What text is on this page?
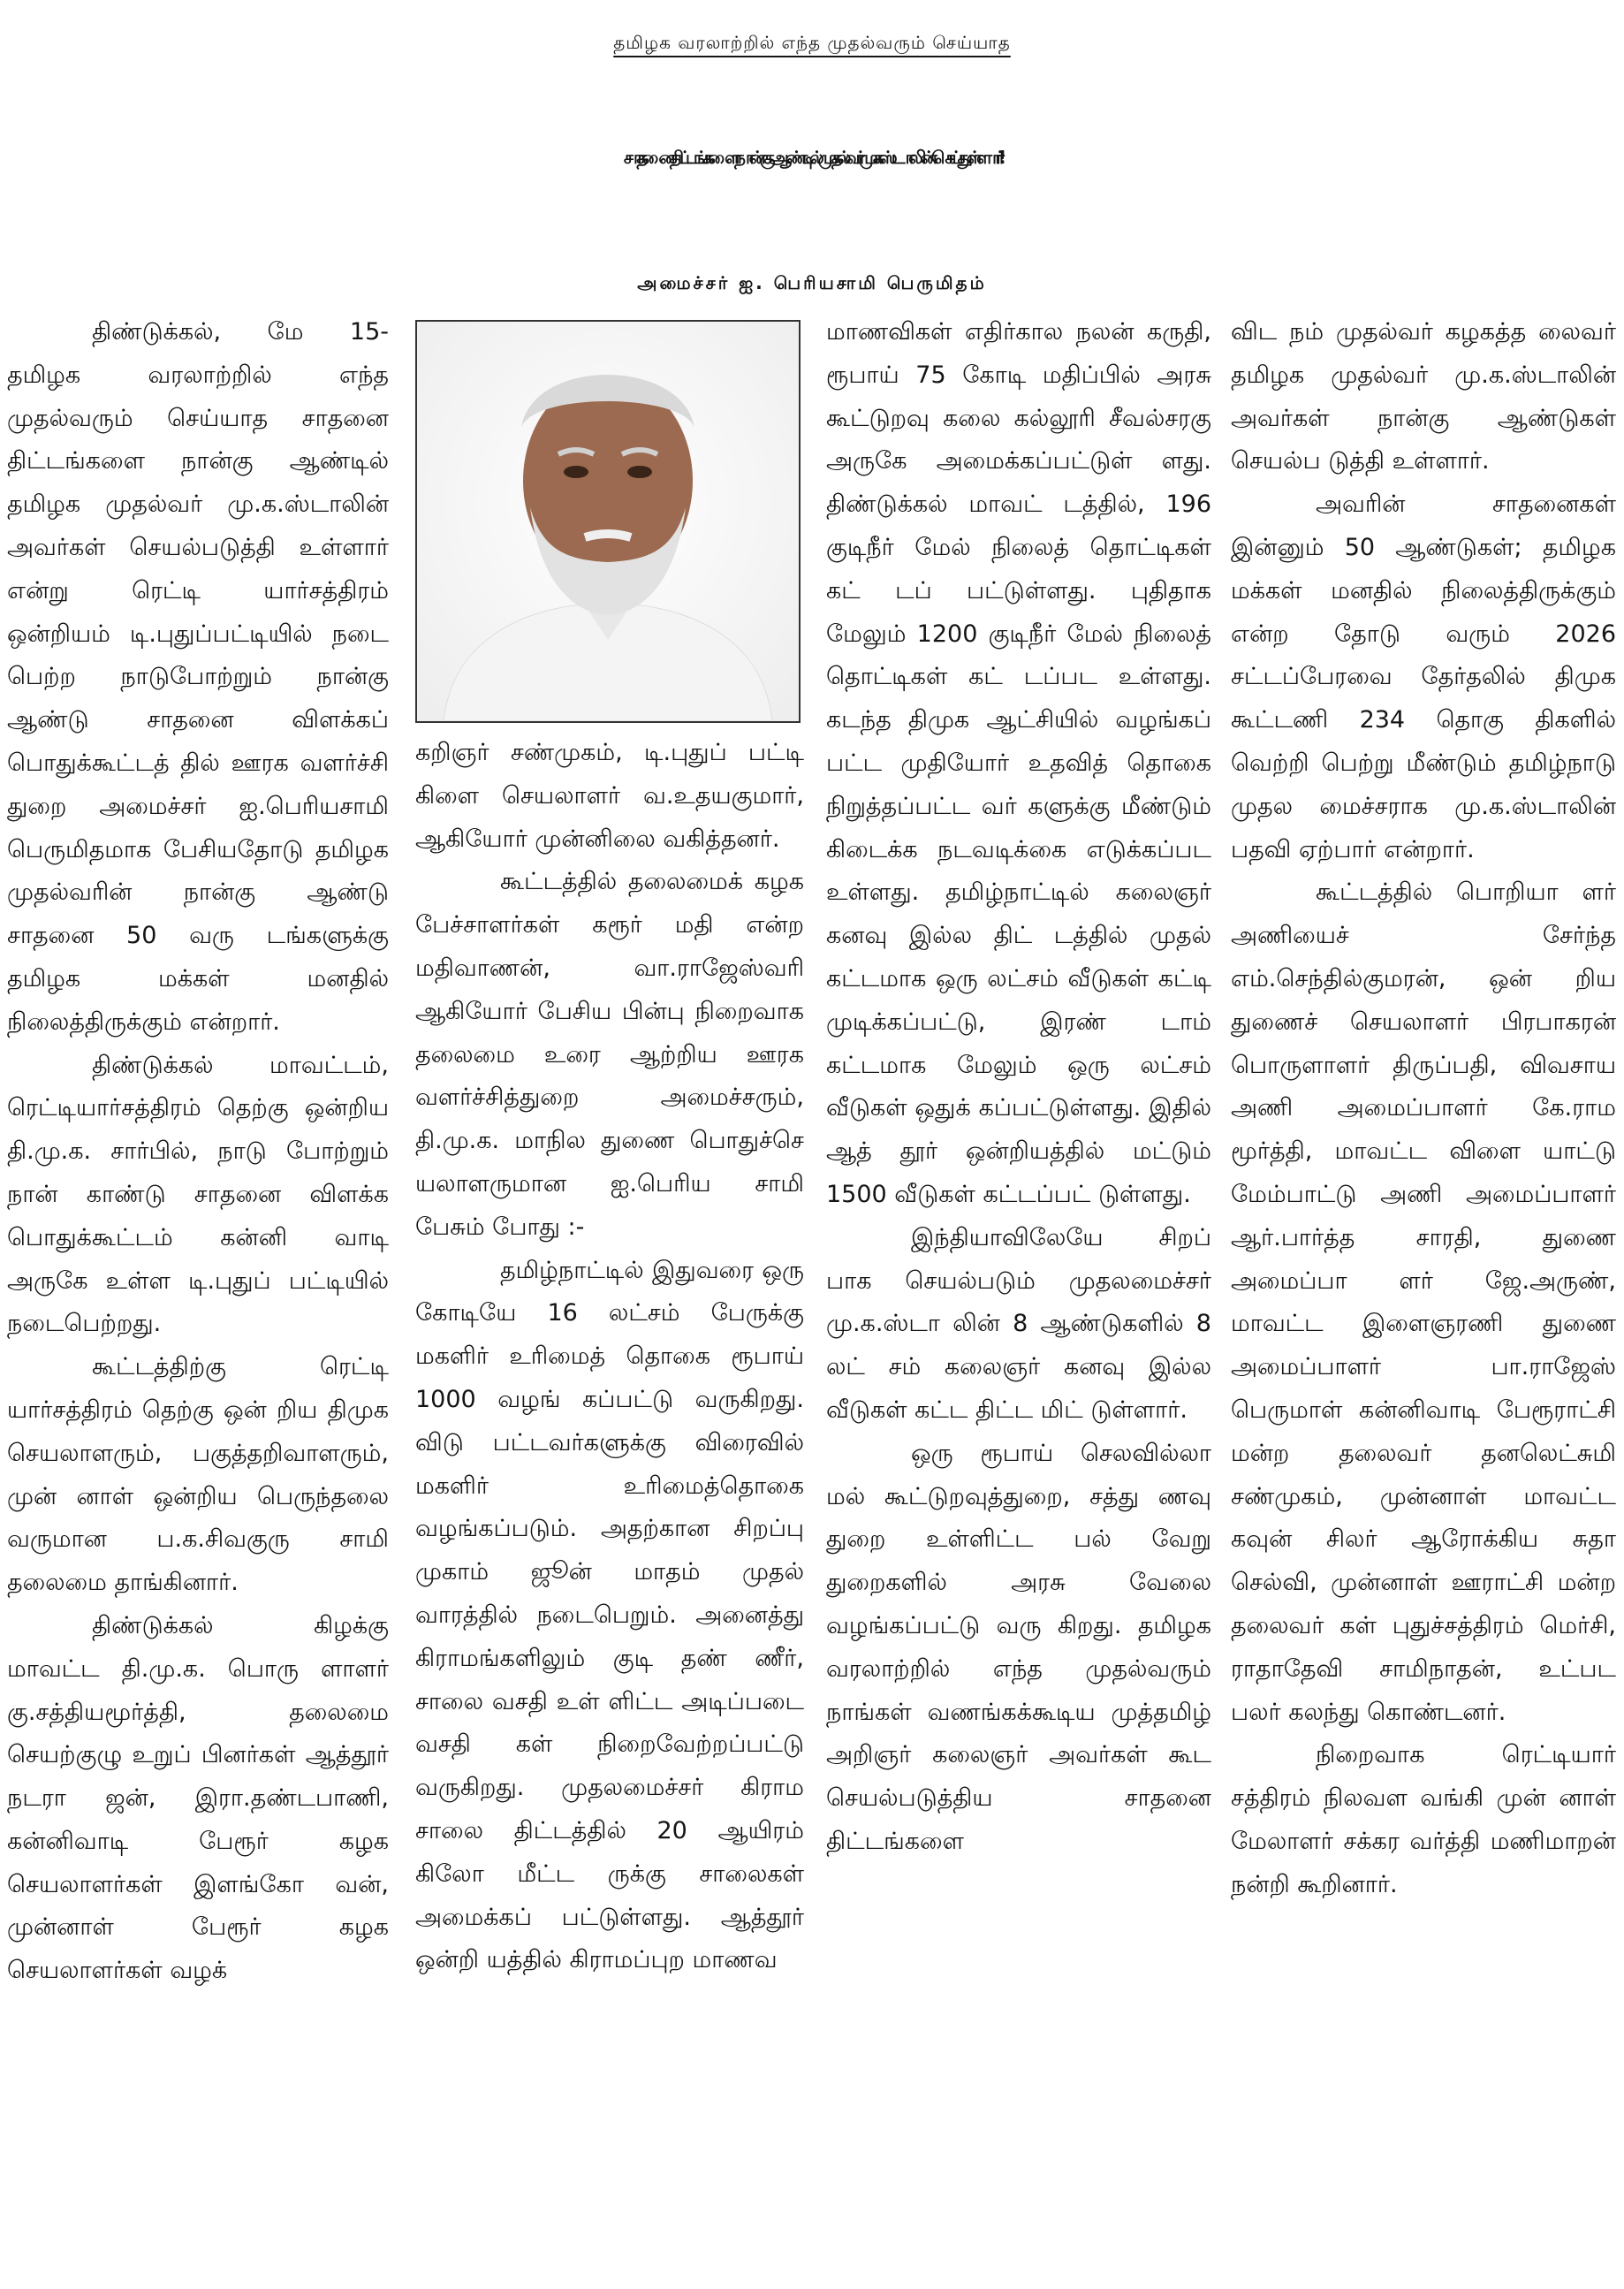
தமிழக வரலாற்றில் எந்த முதல்வரும் செய்யாத
சாதனை திட்டங்களை நான்கு ஆண்டில் முதல்வர் மு.க.ஸ்டாலின் செய்துள்ளார்!
அமைச்சர் ஐ. பெரியசாமி பெருமிதம்

திண்டுக்கல், மே 15- தமிழக வரலாற்றில் எந்த முதல்வரும் செய்யாத சாதனை திட்டங்களை நான்கு ஆண்டில் தமிழக முதல்வர் மு.க.ஸ்டாலின் அவர்கள் செயல்படுத்தி உள்ளார் என்று ரெட்டி யார்சத்திரம் ஒன்றியம் டி.புதுப்பட்டியில் நடை பெற்ற நாடுபோற்றும் நான்கு ஆண்டு சாதனை விளக்கப் பொதுக்கூட்டத் தில் ஊரக வளர்ச்சி துறை அமைச்சர் ஐ.பெரியசாமி பெருமிதமாக பேசியதோடு தமிழக முதல்வரின் நான்கு ஆண்டு சாதனை 50 வரு டங்களுக்கு தமிழக மக்கள் மனதில் நிலைத்திருக்கும் என்றார்.

திண்டுக்கல் மாவட்டம், ரெட்டியார்சத்திரம் தெற்கு ஒன்றிய தி.மு.க. சார்பில், நாடு போற்றும் நான் காண்டு சாதனை விளக்க பொதுக்கூட்டம் கன்னி வாடி அருகே உள்ள டி.புதுப் பட்டியில் நடைபெற்றது.

கூட்டத்திற்கு ரெட்டி யார்சத்திரம் தெற்கு ஒன் றிய திமுக செயலாளரும், பகுத்தறிவாளரும், முன் னாள் ஒன்றிய பெருந்தலை வருமான ப.க.சிவகுரு சாமி தலைமை தாங்கினார்.

திண்டுக்கல் கிழக்கு மாவட்ட தி.மு.க. பொரு ளாளர் கு.சத்தியமூர்த்தி, தலைமை செயற்குழு உறுப் பினர்கள் ஆத்தூர் நடரா ஜன், இரா.தண்டபாணி, கன்னிவாடி பேரூர் கழக செயலாளர்கள் இளங்கோ வன், முன்னாள் பேரூர் கழக செயலாளர்கள் வழக்

கறிஞர் சண்முகம், டி.புதுப் பட்டி கிளை செயலாளர் வ.உதயகுமார், ஆகியோர் முன்னிலை வகித்தனர்.

கூட்டத்தில் தலைமைக் கழக பேச்சாளர்கள் கரூர் மதி என்ற மதிவாணன், வா.ராஜேஸ்வரி ஆகியோர் பேசிய பின்பு நிறைவாக தலைமை உரை ஆற்றிய ஊரக வளர்ச்சித்துறை அமைச்சரும், தி.மு.க. மாநில துணை பொதுச்செ யலாளருமான ஐ.பெரிய சாமி பேசும் போது :-

தமிழ்நாட்டில் இதுவரை ஒரு கோடியே 16 லட்சம் பேருக்கு மகளிர் உரிமைத் தொகை ரூபாய் 1000 வழங் கப்பட்டு வருகிறது. விடு பட்டவர்களுக்கு விரைவில் மகளிர் உரிமைத்தொகை வழங்கப்படும். அதற்கான சிறப்பு முகாம் ஜூன் மாதம் முதல் வாரத்தில் நடைபெறும். அனைத்து கிராமங்களிலும் குடி தண் ணீர், சாலை வசதி உள் ளிட்ட அடிப்படை வசதி கள் நிறைவேற்றப்பட்டு வருகிறது. முதலமைச்சர் கிராம சாலை திட்டத்தில் 20 ஆயிரம் கிலோ மீட்ட ருக்கு சாலைகள் அமைக்கப் பட்டுள்ளது. ஆத்தூர் ஒன்றி யத்தில் கிராமப்புற மாணவ

மாணவிகள் எதிர்கால நலன் கருதி, ரூபாய் 75 கோடி மதிப்பில் அரசு கூட்டுறவு கலை கல்லூரி சீவல்சரகு அருகே அமைக்கப்பட்டுள் ளது. திண்டுக்கல் மாவட் டத்தில், 196 குடிநீர் மேல் நிலைத் தொட்டிகள் கட் டப் பட்டுள்ளது. புதிதாக மேலும் 1200 குடிநீர் மேல் நிலைத் தொட்டிகள் கட் டப்பட உள்ளது. கடந்த திமுக ஆட்சியில் வழங்கப் பட்ட முதியோர் உதவித் தொகை நிறுத்தப்பட்ட வர் களுக்கு மீண்டும் கிடைக்க நடவடிக்கை எடுக்கப்பட உள்ளது. தமிழ்நாட்டில் கலைஞர் கனவு இல்ல திட் டத்தில் முதல் கட்டமாக ஒரு லட்சம் வீடுகள் கட்டி முடிக்கப்பட்டு, இரண் டாம் கட்டமாக மேலும் ஒரு லட்சம் வீடுகள் ஒதுக் கப்பட்டுள்ளது. இதில் ஆத் தூர் ஒன்றியத்தில் மட்டும் 1500 வீடுகள் கட்டப்பட் டுள்ளது.

இந்தியாவிலேயே சிறப் பாக செயல்படும் முதலமைச்சர் மு.க.ஸ்டா லின் 8 ஆண்டுகளில் 8 லட் சம் கலைஞர் கனவு இல்ல வீடுகள் கட்ட திட்ட மிட் டுள்ளார்.

ஒரு ரூபாய் செலவில்லா மல் கூட்டுறவுத்துறை, சத்து ணவு துறை உள்ளிட்ட பல் வேறு துறைகளில் அரசு வேலை வழங்கப்பட்டு வரு கிறது. தமிழக வரலாற்றில் எந்த முதல்வரும் நாங்கள் வணங்கக்கூடிய முத்தமிழ் அறிஞர் கலைஞர் அவர்கள் கூட செயல்படுத்திய சாதனை திட்டங்களை

விட நம் முதல்வர் கழகத்த லைவர் தமிழக முதல்வர் மு.க.ஸ்டாலின் அவர்கள் நான்கு ஆண்டுகள் செயல்ப டுத்தி உள்ளார்.

அவரின் சாதனைகள் இன்னும் 50 ஆண்டுகள்; தமிழக மக்கள் மனதில் நிலைத்திருக்கும் என்ற தோடு வரும் 2026 சட்டப்பேரவை தேர்தலில் திமுக கூட்டணி 234 தொகு திகளில் வெற்றி பெற்று மீண்டும் தமிழ்நாடு முதல மைச்சராக மு.க.ஸ்டாலின் பதவி ஏற்பார் என்றார்.

கூட்டத்தில் பொறியா ளர் அணியைச் சேர்ந்த எம்.செந்தில்குமரன், ஒன் றிய துணைச் செயலாளர் பிரபாகரன் பொருளாளர் திருப்பதி, விவசாய அணி அமைப்பாளர் கே.ராம மூர்த்தி, மாவட்ட விளை யாட்டு மேம்பாட்டு அணி அமைப்பாளர் ஆர்.பார்த்த சாரதி, துணை அமைப்பா ளர் ஜே.அருண், மாவட்ட இளைஞரணி துணை அமைப்பாளர் பா.ராஜேஸ் பெருமாள் கன்னிவாடி பேரூராட்சி மன்ற தலைவர் தனலெட்சுமி சண்முகம், முன்னாள் மாவட்ட கவுன் சிலர் ஆரோக்கிய சுதா செல்வி, முன்னாள் ஊராட்சி மன்ற தலைவர் கள் புதுச்சத்திரம் மெர்சி, ராதாதேவி சாமிநாதன், உட்பட பலர் கலந்து கொண்டனர்.

நிறைவாக ரெட்டியார் சத்திரம் நிலவள வங்கி முன் னாள் மேலாளர் சக்கர வர்த்தி மணிமாறன் நன்றி கூறினார்.
